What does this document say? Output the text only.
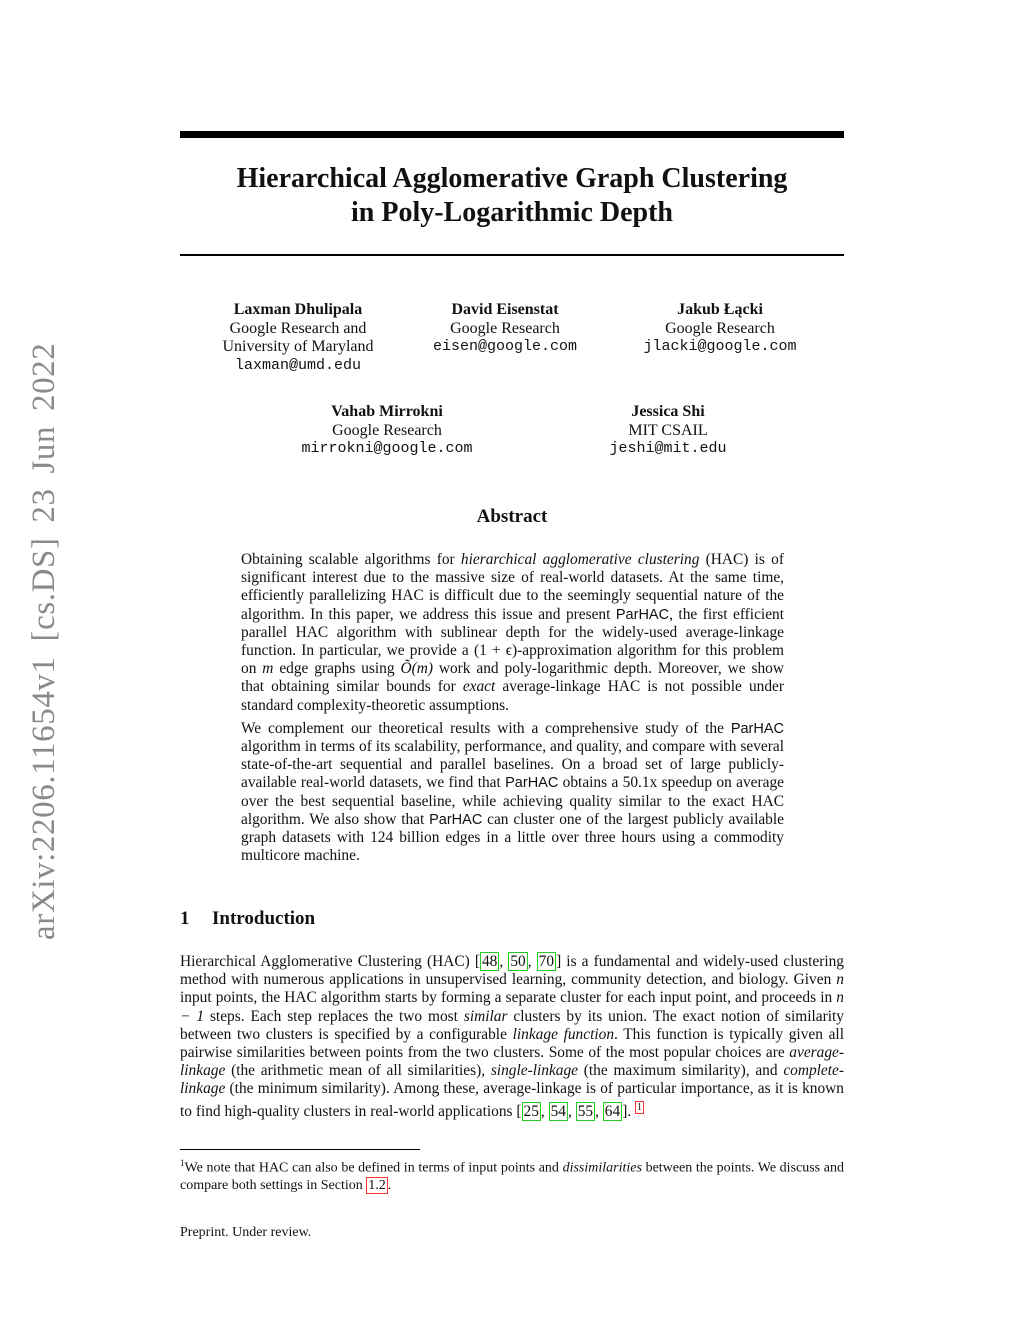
arXiv:2206.11654v1 [cs.DS] 23 Jun 2022
Hierarchical Agglomerative Graph Clustering
in Poly-Logarithmic Depth
Laxman Dhulipala
Google Research and
University of Maryland
laxman@umd.edu
David Eisenstat
Google Research
eisen@google.com
Jakub Łącki
Google Research
jlacki@google.com
Vahab Mirrokni
Google Research
mirrokni@google.com
Jessica Shi
MIT CSAIL
jeshi@mit.edu
Abstract

Obtaining scalable algorithms for hierarchical agglomerative clustering (HAC) is of significant interest due to the massive size of real-world datasets. At the same time, efficiently parallelizing HAC is difficult due to the seemingly sequential nature of the algorithm. In this paper, we address this issue and present ParHAC, the first efficient parallel HAC algorithm with sublinear depth for the widely-used average-linkage function. In particular, we provide a (1 + ϵ)-approximation algorithm for this problem on m edge graphs using Õ(m) work and poly-logarithmic depth. Moreover, we show that obtaining similar bounds for exact average-linkage HAC is not possible under standard complexity-theoretic assumptions.

We complement our theoretical results with a comprehensive study of the ParHAC algorithm in terms of its scalability, performance, and quality, and compare with several state-of-the-art sequential and parallel baselines. On a broad set of large publicly-available real-world datasets, we find that ParHAC obtains a 50.1x speedup on average over the best sequential baseline, while achieving quality similar to the exact HAC algorithm. We also show that ParHAC can cluster one of the largest publicly available graph datasets with 124 billion edges in a little over three hours using a commodity multicore machine.

1 Introduction

Hierarchical Agglomerative Clustering (HAC) [ 48 , 50 , 70 ] is a fundamental and widely-used clustering method with numerous applications in unsupervised learning, community detection, and biology. Given n input points, the HAC algorithm starts by forming a separate cluster for each input point, and proceeds in n − 1 steps. Each step replaces the two most similar clusters by its union. The exact notion of similarity between two clusters is specified by a configurable linkage function. This function is typically given all pairwise similarities between points from the two clusters. Some of the most popular choices are average-linkage (the arithmetic mean of all similarities), single-linkage (the maximum similarity), and complete-linkage (the minimum similarity). Among these, average-linkage is of particular importance, as it is known to find high-quality clusters in real-world applications [ 25 , 54 , 55 , 64 ]. $^1$

$^1$We note that HAC can also be defined in terms of input points and dissimilarities between the points. We discuss and compare both settings in Section 1.2 .
Preprint. Under review.
